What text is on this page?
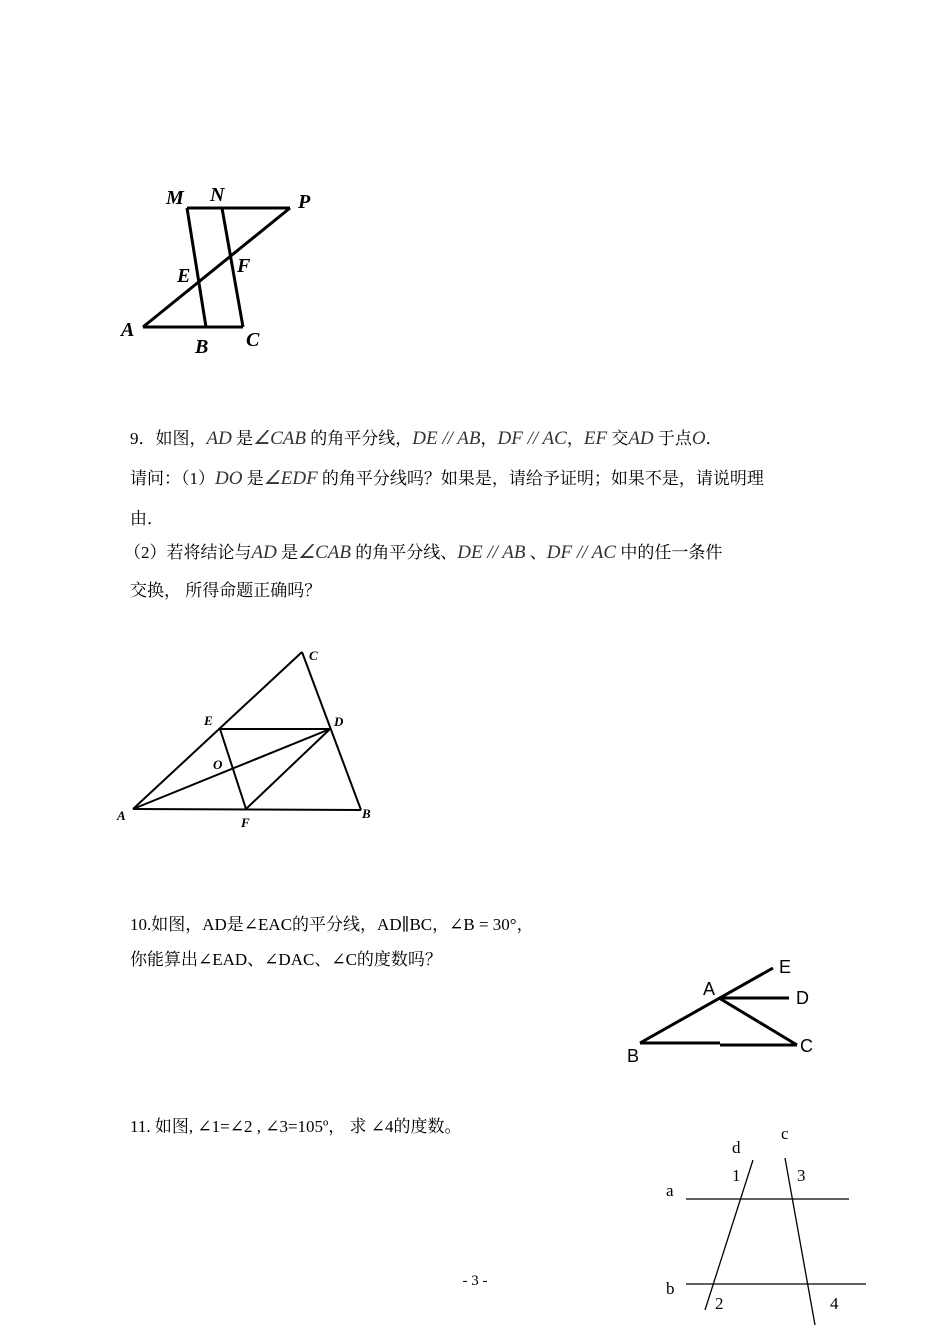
M N	P
E F
A
B C
9．如图，AD 是∠CAB 的角平分线，DE // AB，DF // AC，EF 交AD 于点O．
请问：（1）DO 是∠EDF 的角平分线吗？如果是，请给予证明；如果不是，请说明理
由．
（2）若将结论与AD 是∠CAB 的角平分线、DE // AB 、DF // AC 中的任一条件
交换， 所得命题正确吗？
C
E	D
O
A	F
B
10.如图，AD是∠EAC的平分线，AD∥BC，∠B = 30°，
你能算出∠EAD、∠DAC、∠C的度数吗？	E
A	D
B	C
11. 如图, ∠1=∠2 , ∠3=105º， 求 ∠4的度数。	c
d
a
b
1	3
2	4
- 3 -
